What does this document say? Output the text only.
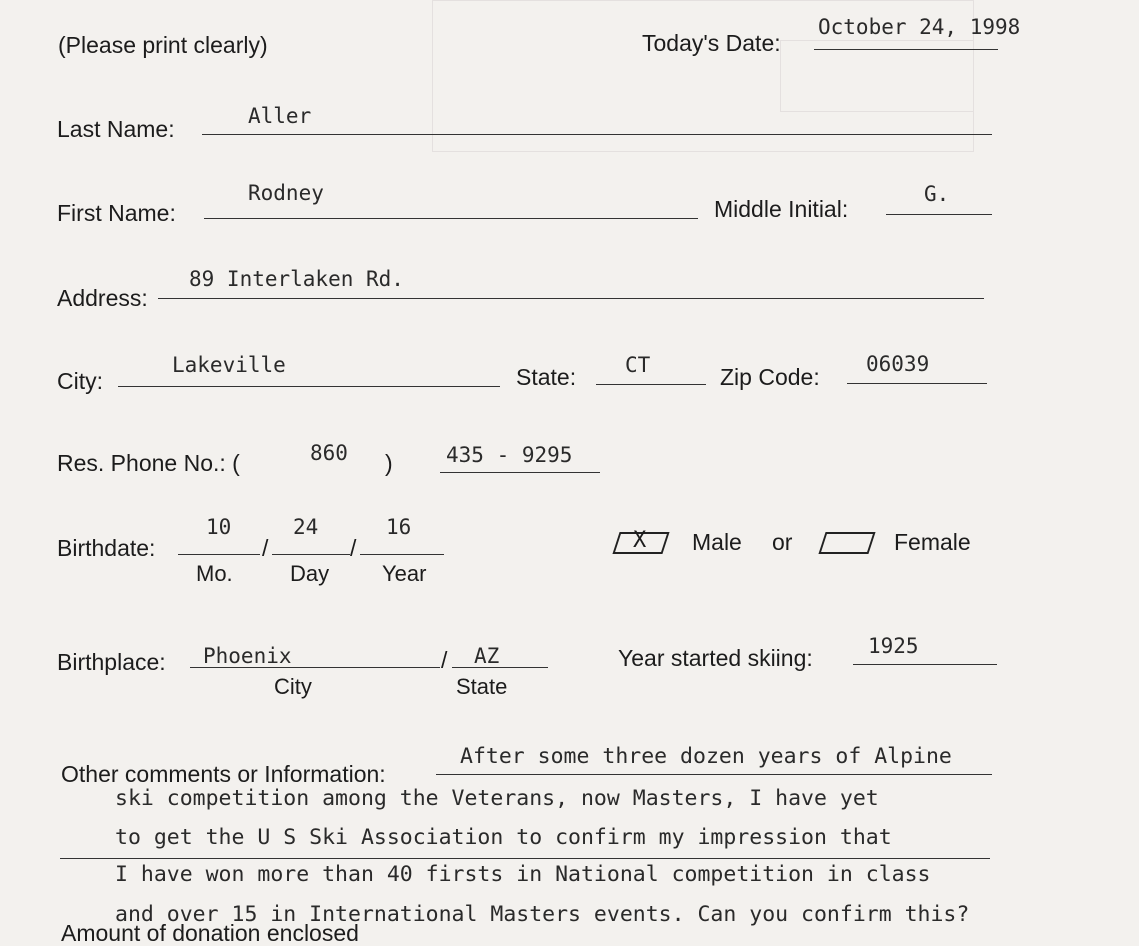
(Please print clearly)	Today's Date:
October 24, 1998
Last Name:	Aller
First Name:
Rodney
Middle Initial:
G.
Address:
89 Interlaken Rd.
City:
Lakeville	State: CT	Zip Code: 06039
Res. Phone No.: (	860 )	435 - 9295
Birthdate:
10
/
24
/
16
Mo.	Day Year
X Male or	Female
Birthplace: Phoenix	/ AZ
City	State
Year started skiing:	1925
Other comments or Information:
After some three dozen years of Alpine
ski competition among the Veterans, now Masters, I have yet
to get the U S Ski Association to confirm my impression that
I have won more than 40 firsts in National competition in class
and over 15 in International Masters events. Can you confirm this?
Amount of donation enclosed
